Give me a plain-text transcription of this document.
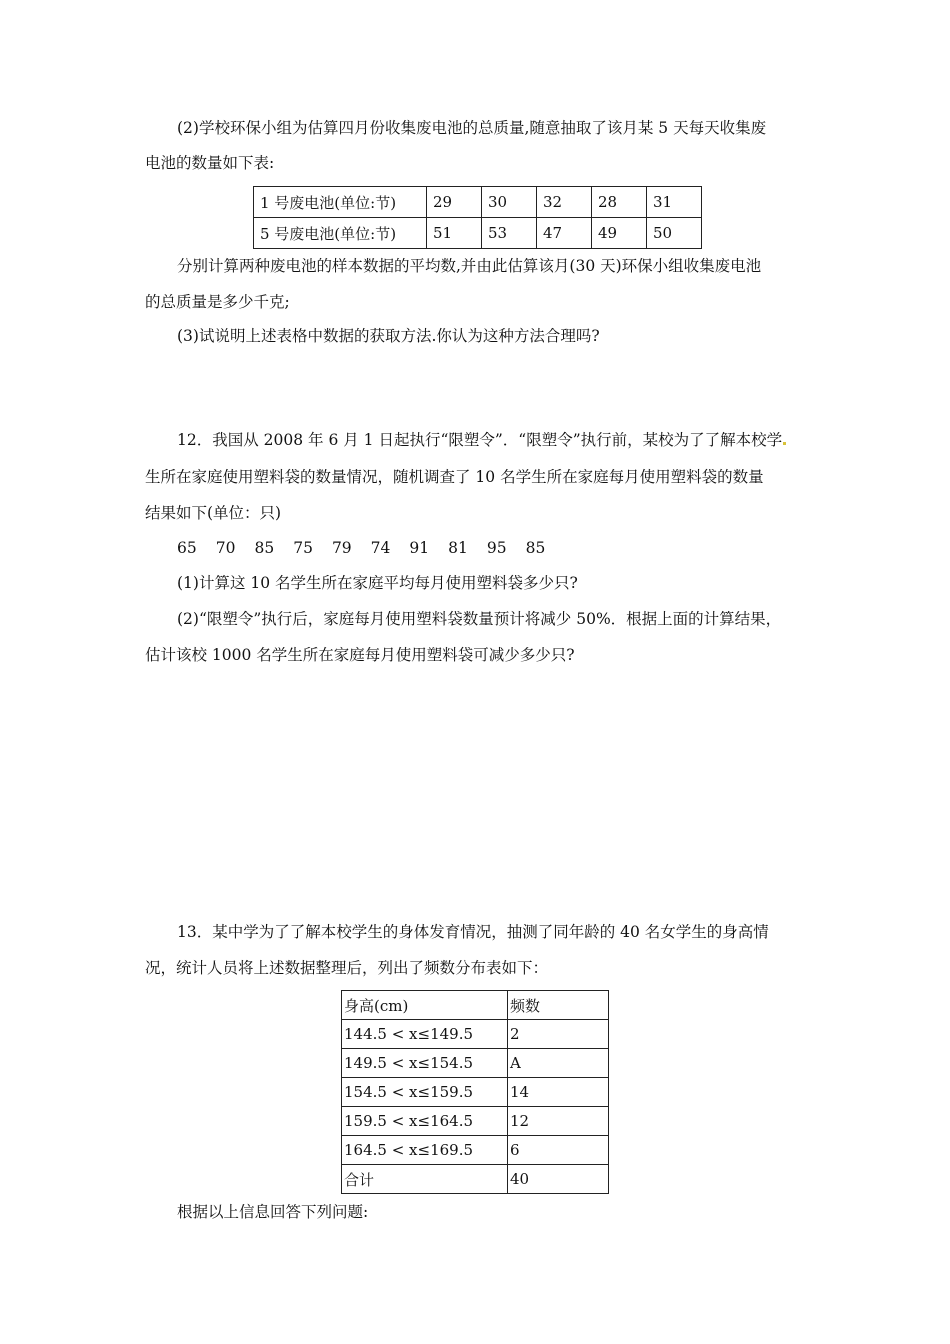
(2)学校环保小组为估算四月份收集废电池的总质量,随意抽取了该月某 5 天每天收集废
电池的数量如下表:
1 号废电池(单位:节)	29	30	32	28	31
5 号废电池(单位:节)	51	53	47	49	50
分别计算两种废电池的样本数据的平均数,并由此估算该月(30 天)环保小组收集废电池
的总质量是多少千克;
(3)试说明上述表格中数据的获取方法.你认为这种方法合理吗?
12．我国从 2008 年 6 月 1 日起执行“限塑令”．“限塑令”执行前，某校为了了解本校学
生所在家庭使用塑料袋的数量情况，随机调查了 10 名学生所在家庭每月使用塑料袋的数量
结果如下(单位：只)
65 70 85 75 79 74 91 81 95 85
(1)计算这 10 名学生所在家庭平均每月使用塑料袋多少只?
(2)“限塑令”执行后，家庭每月使用塑料袋数量预计将减少 50%．根据上面的计算结果，
估计该校 1000 名学生所在家庭每月使用塑料袋可减少多少只?
13．某中学为了了解本校学生的身体发育情况，抽测了同年龄的 40 名女学生的身高情
况，统计人员将上述数据整理后，列出了频数分布表如下：
身高(cm)	频数
144.5 < x≤149.5	2
149.5 < x≤154.5	A
154.5 < x≤159.5	14
159.5 < x≤164.5	12
164.5 < x≤169.5	6
合计	40
根据以上信息回答下列问题:
